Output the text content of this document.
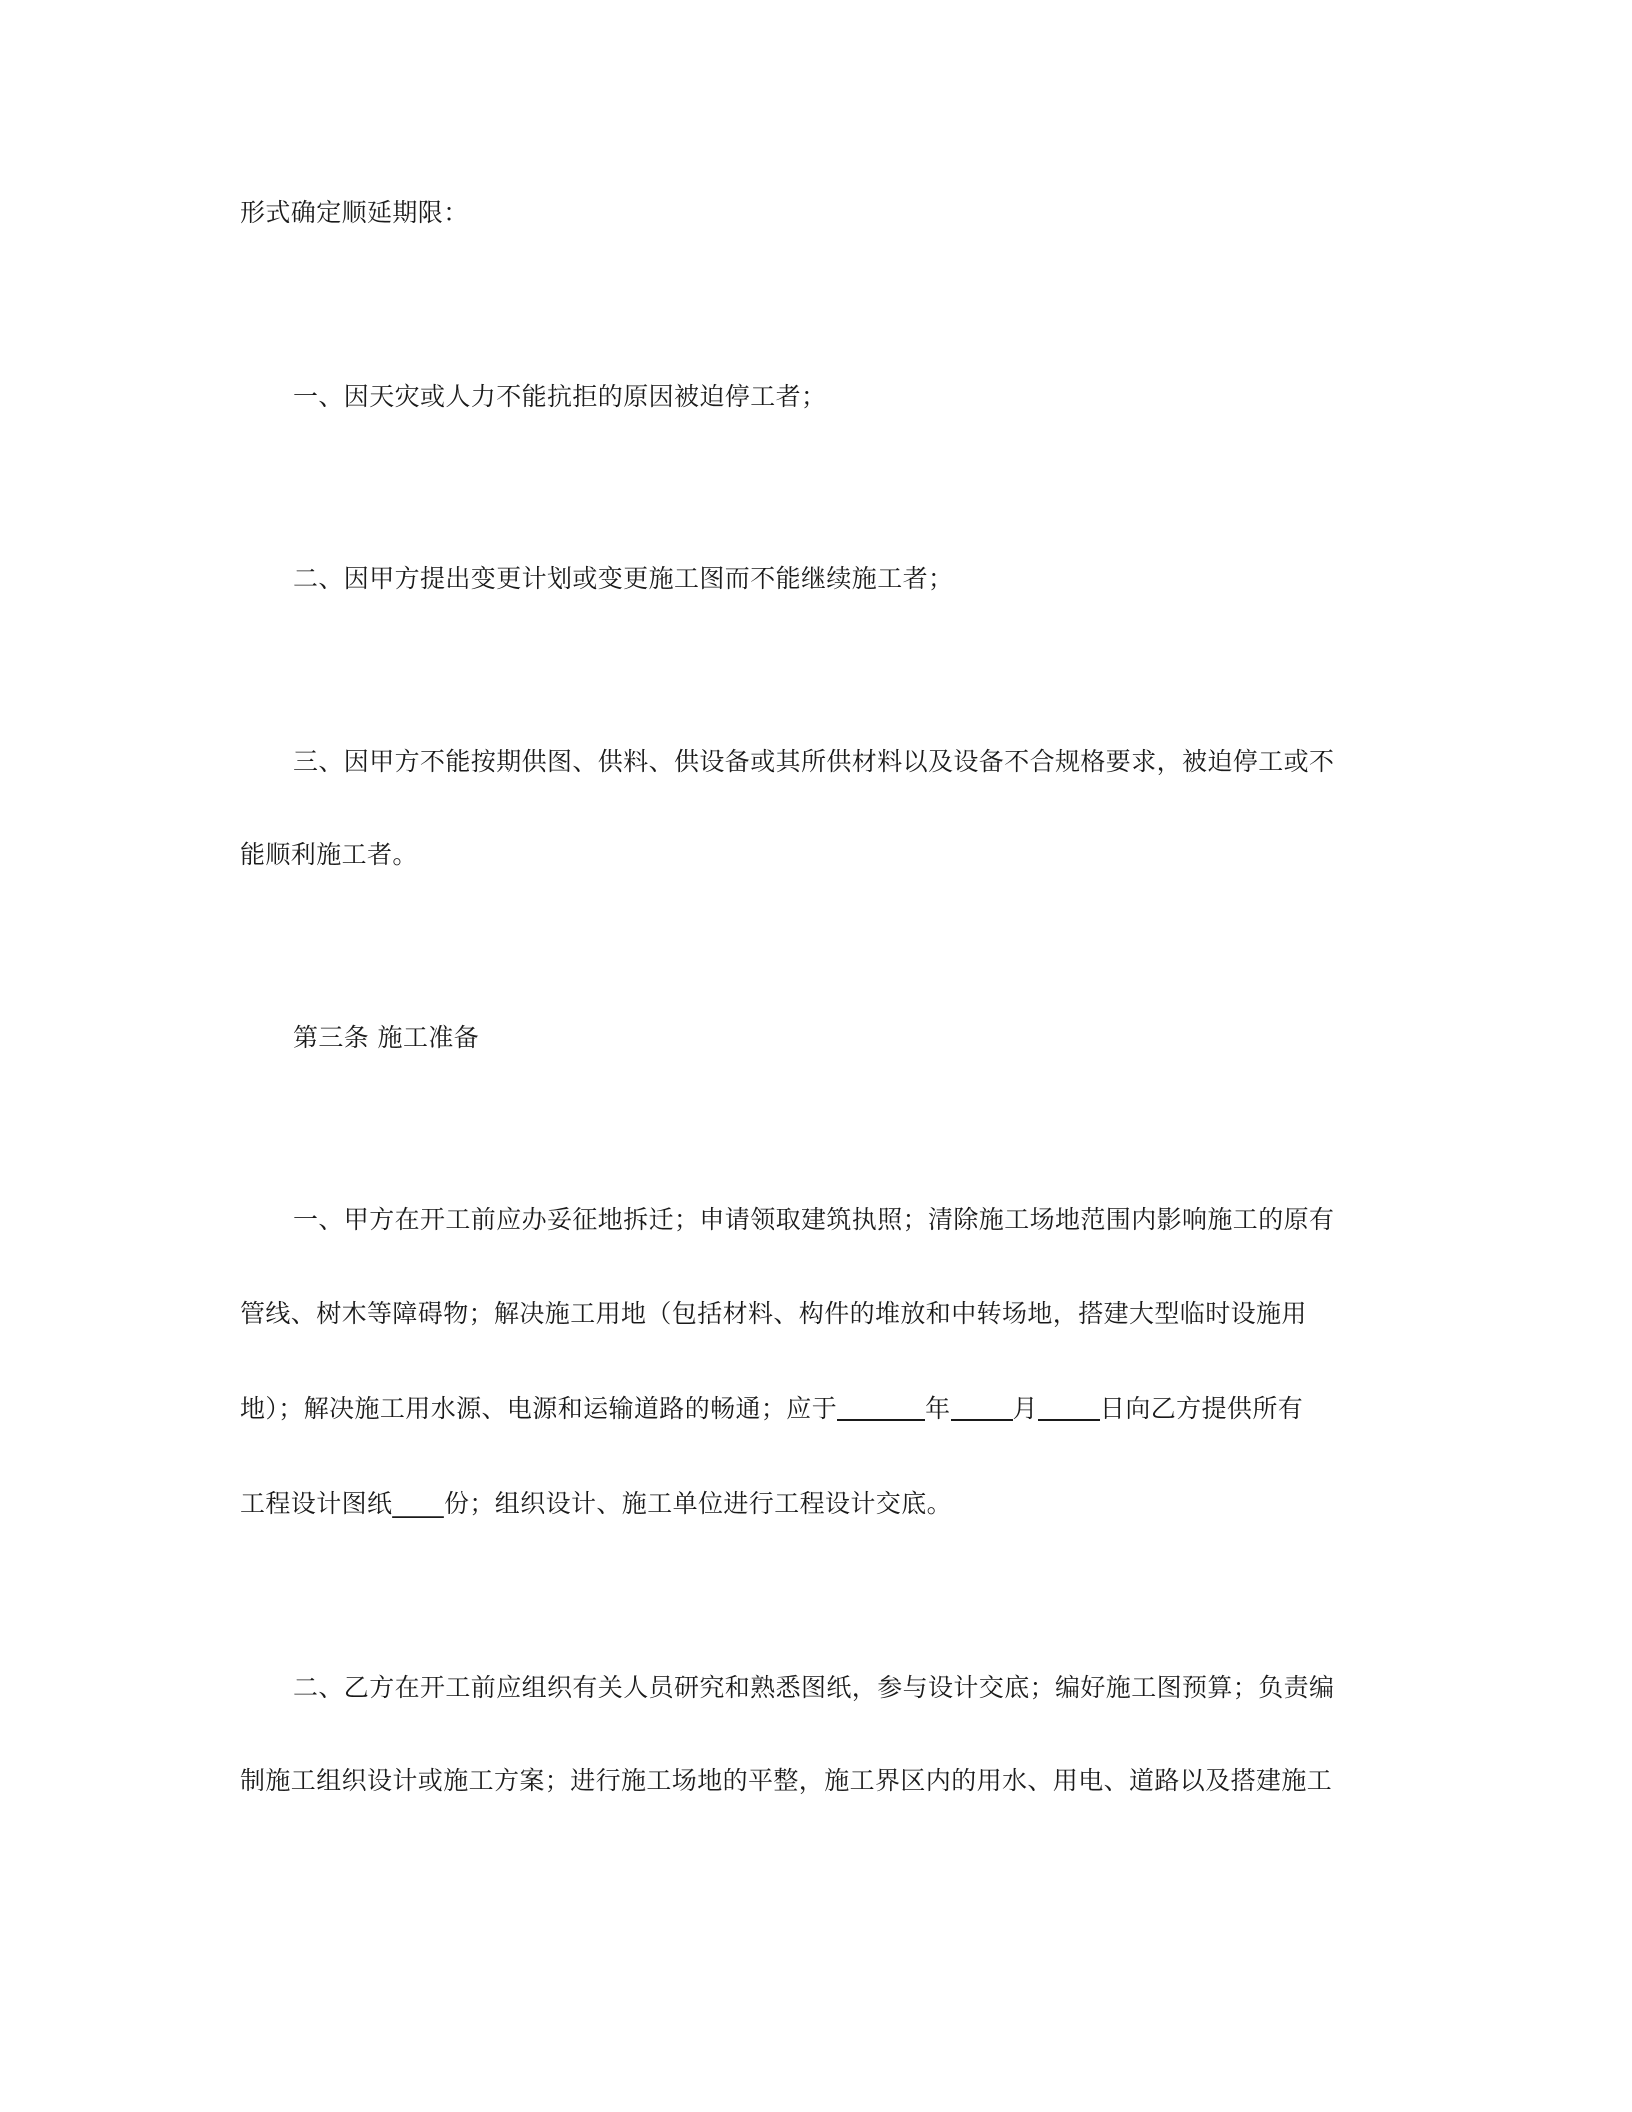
形式确定顺延期限：
一、因天灾或人力不能抗拒的原因被迫停工者；
二、因甲方提出变更计划或变更施工图而不能继续施工者；
三、因甲方不能按期供图、供料、供设备或其所供材料以及设备不合规格要求，被迫停工或不
能顺利施工者。
第三条 施工准备
一、甲方在开工前应办妥征地拆迁；申请领取建筑执照；清除施工场地范围内影响施工的原有
管线、树木等障碍物；解决施工用地（包括材料、构件的堆放和中转场地，搭建大型临时设施用
地）；解决施工用水源、电源和运输道路的畅通；应于	年 月 日向乙方提供所有
工程设计图纸____份；组织设计、施工单位进行工程设计交底。
二、乙方在开工前应组织有关人员研究和熟悉图纸，参与设计交底；编好施工图预算；负责编
制施工组织设计或施工方案；进行施工场地的平整，施工界区内的用水、用电、道路以及搭建施工
